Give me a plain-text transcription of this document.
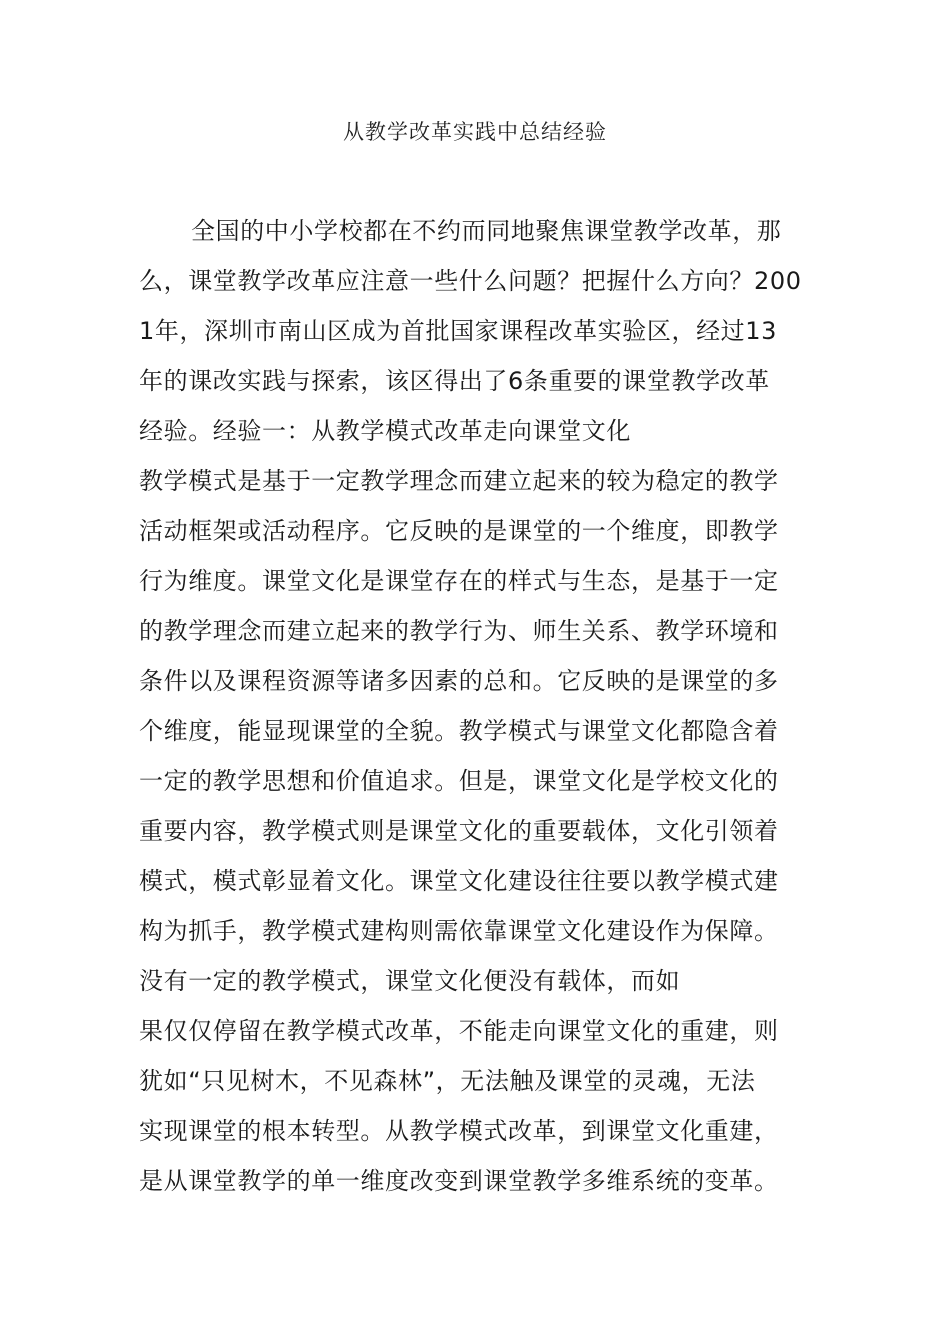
从教学改革实践中总结经验
全国的中小学校都在不约而同地聚焦课堂教学改革，那
么，课堂教学改革应注意一些什么问题？把握什么方向？200
1年，深圳市南山区成为首批国家课程改革实验区，经过13
年的课改实践与探索，该区得出了6条重要的课堂教学改革
经验。经验一：从教学模式改革走向课堂文化
教学模式是基于一定教学理念而建立起来的较为稳定的教学
活动框架或活动程序。它反映的是课堂的一个维度，即教学
行为维度。课堂文化是课堂存在的样式与生态，是基于一定
的教学理念而建立起来的教学行为、师生关系、教学环境和
条件以及课程资源等诸多因素的总和。它反映的是课堂的多
个维度，能显现课堂的全貌。教学模式与课堂文化都隐含着
一定的教学思想和价值追求。但是，课堂文化是学校文化的
重要内容，教学模式则是课堂文化的重要载体，文化引领着
模式，模式彰显着文化。课堂文化建设往往要以教学模式建
构为抓手，教学模式建构则需依靠课堂文化建设作为保障。
没有一定的教学模式，课堂文化便没有载体，而如
果仅仅停留在教学模式改革，不能走向课堂文化的重建，则
犹如“只见树木，不见森林”，无法触及课堂的灵魂，无法
实现课堂的根本转型。从教学模式改革，到课堂文化重建，
是从课堂教学的单一维度改变到课堂教学多维系统的变革。
